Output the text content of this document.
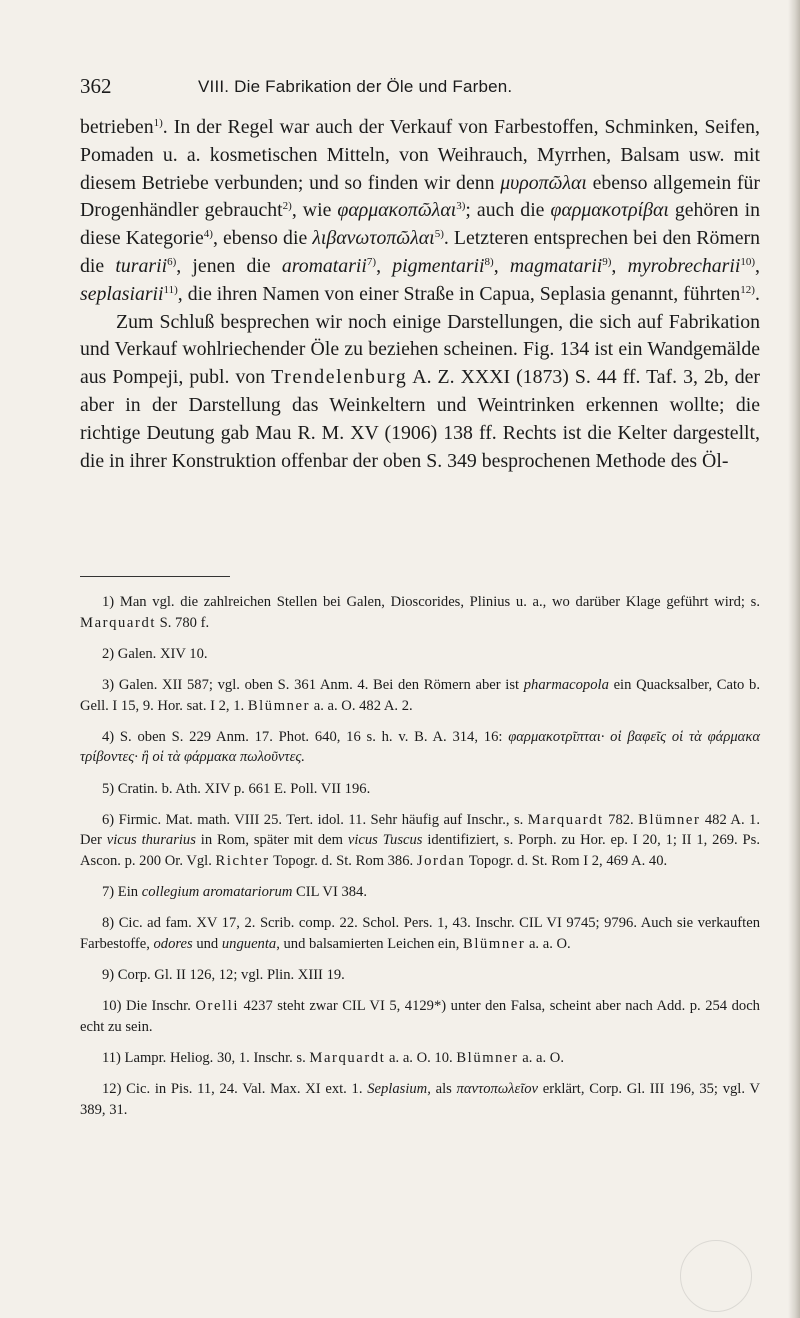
362	VIII. Die Fabrikation der Öle und Farben.

betrieben$^{1)}$. In der Regel war auch der Verkauf von Farbestoffen, Schminken, Seifen, Pomaden u. a. kosmetischen Mitteln, von Weihrauch, Myrrhen, Balsam usw. mit diesem Betriebe verbunden; und so finden wir denn μυροπῶλαι ebenso allgemein für Drogenhändler gebraucht$^{2)}$, wie φαρμακοπῶλαι$^{3)}$; auch die φαρμακοτρίβαι gehören in diese Kategorie$^{4)}$, ebenso die λιβανωτοπῶλαι$^{5)}$. Letzteren entsprechen bei den Römern die turarii$^{6)}$, jenen die aromatarii$^{7)}$, pigmentarii$^{8)}$, magmatarii$^{9)}$, myrobrecharii$^{10)}$, seplasiarii$^{11)}$, die ihren Namen von einer Straße in Capua, Seplasia genannt, führten$^{12)}$.

Zum Schluß besprechen wir noch einige Darstellungen, die sich auf Fabrikation und Verkauf wohlriechender Öle zu beziehen scheinen. Fig. 134 ist ein Wandgemälde aus Pompeji, publ. von Trendelenburg A. Z. XXXI (1873) S. 44 ff. Taf. 3, 2b, der aber in der Darstellung das Weinkeltern und Weintrinken erkennen wollte; die richtige Deutung gab Mau R. M. XV (1906) 138 ff. Rechts ist die Kelter dargestellt, die in ihrer Konstruktion offenbar der oben S. 349 besprochenen Methode des Öl-

1) Man vgl. die zahlreichen Stellen bei Galen, Dioscorides, Plinius u. a., wo darüber Klage geführt wird; s. Marquardt S. 780 f.

2) Galen. XIV 10.

3) Galen. XII 587; vgl. oben S. 361 Anm. 4. Bei den Römern aber ist pharmacopola ein Quacksalber, Cato b. Gell. I 15, 9. Hor. sat. I 2, 1. Blümner a. a. O. 482 A. 2.

4) S. oben S. 229 Anm. 17. Phot. 640, 16 s. h. v. B. A. 314, 16: φαρμακοτρῖπται· οἱ βαφεῖς οἱ τὰ φάρμακα τρίβοντες· ἢ οἱ τὰ φάρμακα πωλοῦντες.

5) Cratin. b. Ath. XIV p. 661 E. Poll. VII 196.

6) Firmic. Mat. math. VIII 25. Tert. idol. 11. Sehr häufig auf Inschr., s. Marquardt 782. Blümner 482 A. 1. Der vicus thurarius in Rom, später mit dem vicus Tuscus identifiziert, s. Porph. zu Hor. ep. I 20, 1; II 1, 269. Ps. Ascon. p. 200 Or. Vgl. Richter Topogr. d. St. Rom 386. Jordan Topogr. d. St. Rom I 2, 469 A. 40.

7) Ein collegium aromatariorum CIL VI 384.

8) Cic. ad fam. XV 17, 2. Scrib. comp. 22. Schol. Pers. 1, 43. Inschr. CIL VI 9745; 9796. Auch sie verkauften Farbestoffe, odores und unguenta, und balsamierten Leichen ein, Blümner a. a. O.

9) Corp. Gl. II 126, 12; vgl. Plin. XIII 19.

10) Die Inschr. Orelli 4237 steht zwar CIL VI 5, 4129*) unter den Falsa, scheint aber nach Add. p. 254 doch echt zu sein.

11) Lampr. Heliog. 30, 1. Inschr. s. Marquardt a. a. O. 10. Blümner a. a. O.

12) Cic. in Pis. 11, 24. Val. Max. XI ext. 1. Seplasium, als παντοπωλεῖον erklärt, Corp. Gl. III 196, 35; vgl. V 389, 31.
